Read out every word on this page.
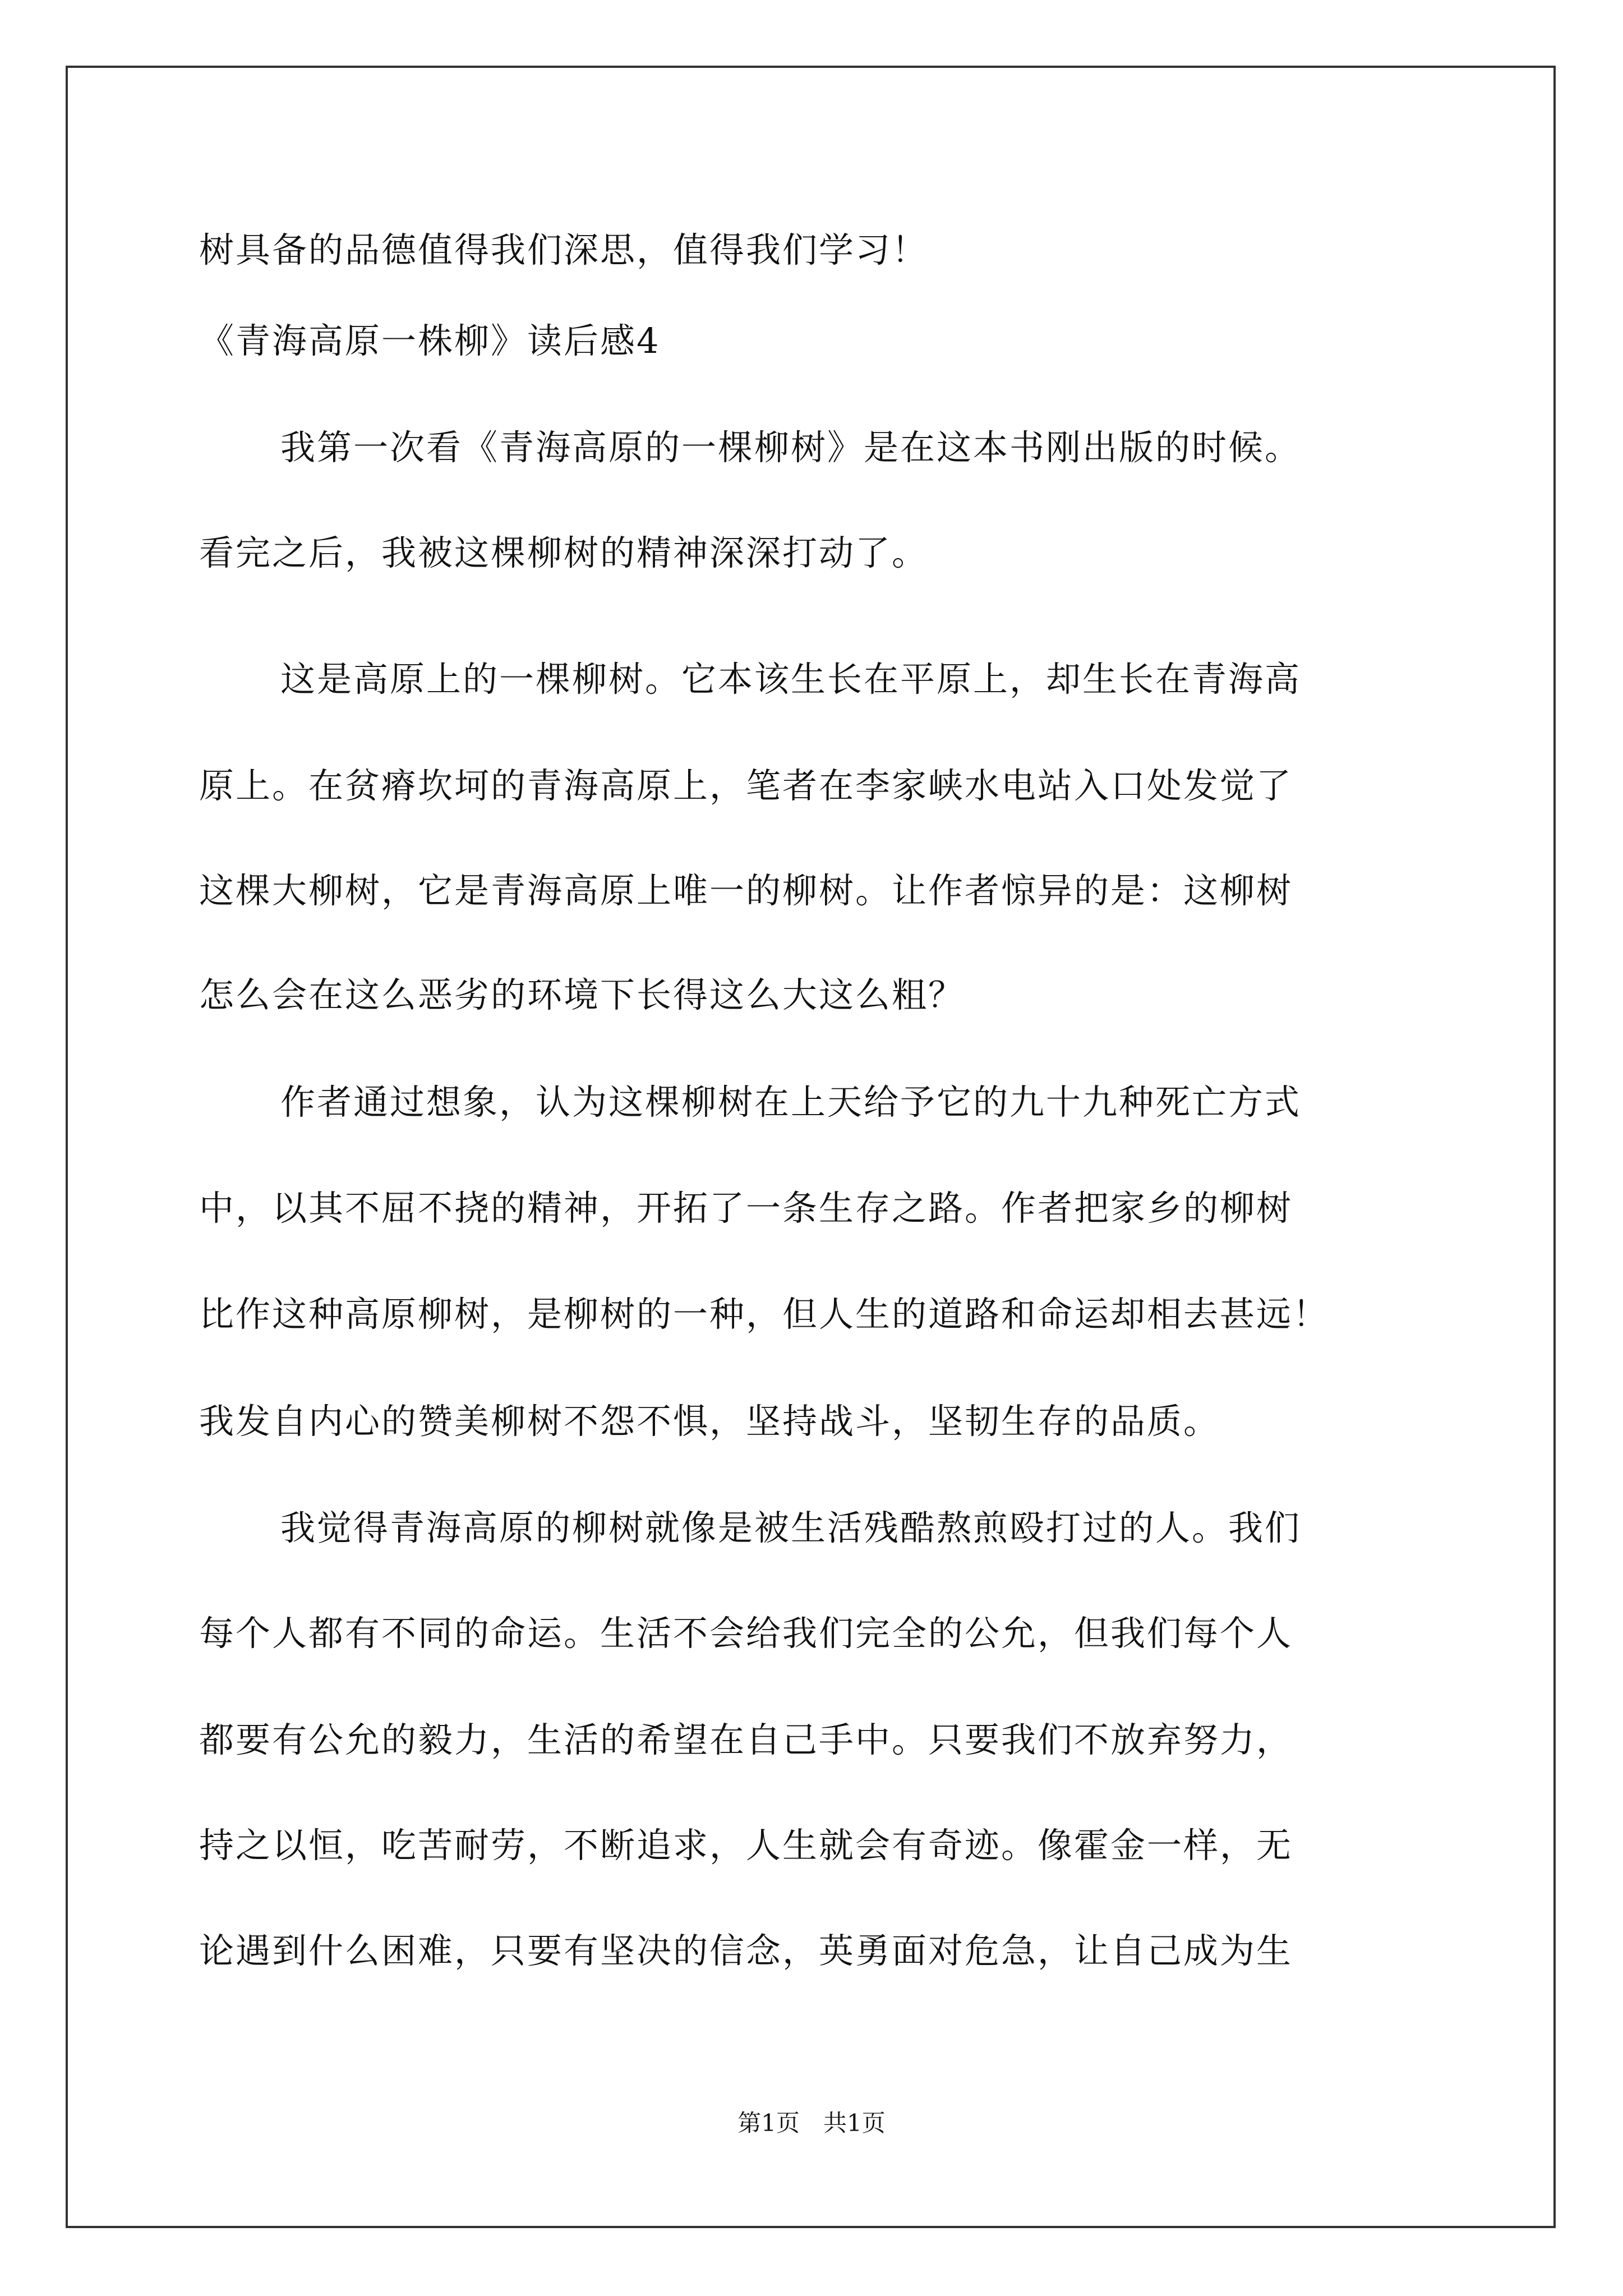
树具备的品德值得我们深思，值得我们学习！
《青海高原一株柳》读后感4
我第一次看《青海高原的一棵柳树》是在这本书刚出版的时候。
看完之后，我被这棵柳树的精神深深打动了。
这是高原上的一棵柳树。它本该生长在平原上，却生长在青海高
原上。在贫瘠坎坷的青海高原上，笔者在李家峡水电站入口处发觉了
这棵大柳树，它是青海高原上唯一的柳树。让作者惊异的是：这柳树
怎么会在这么恶劣的环境下长得这么大这么粗？
作者通过想象，认为这棵柳树在上天给予它的九十九种死亡方式
中，以其不屈不挠的精神，开拓了一条生存之路。作者把家乡的柳树
比作这种高原柳树，是柳树的一种，但人生的道路和命运却相去甚远！
我发自内心的赞美柳树不怨不惧，坚持战斗，坚韧生存的品质。
我觉得青海高原的柳树就像是被生活残酷熬煎殴打过的人。我们
每个人都有不同的命运。生活不会给我们完全的公允，但我们每个人
都要有公允的毅力，生活的希望在自己手中。只要我们不放弃努力，
持之以恒，吃苦耐劳，不断追求，人生就会有奇迹。像霍金一样，无
论遇到什么困难，只要有坚决的信念，英勇面对危急，让自己成为生
第1页　共1页
